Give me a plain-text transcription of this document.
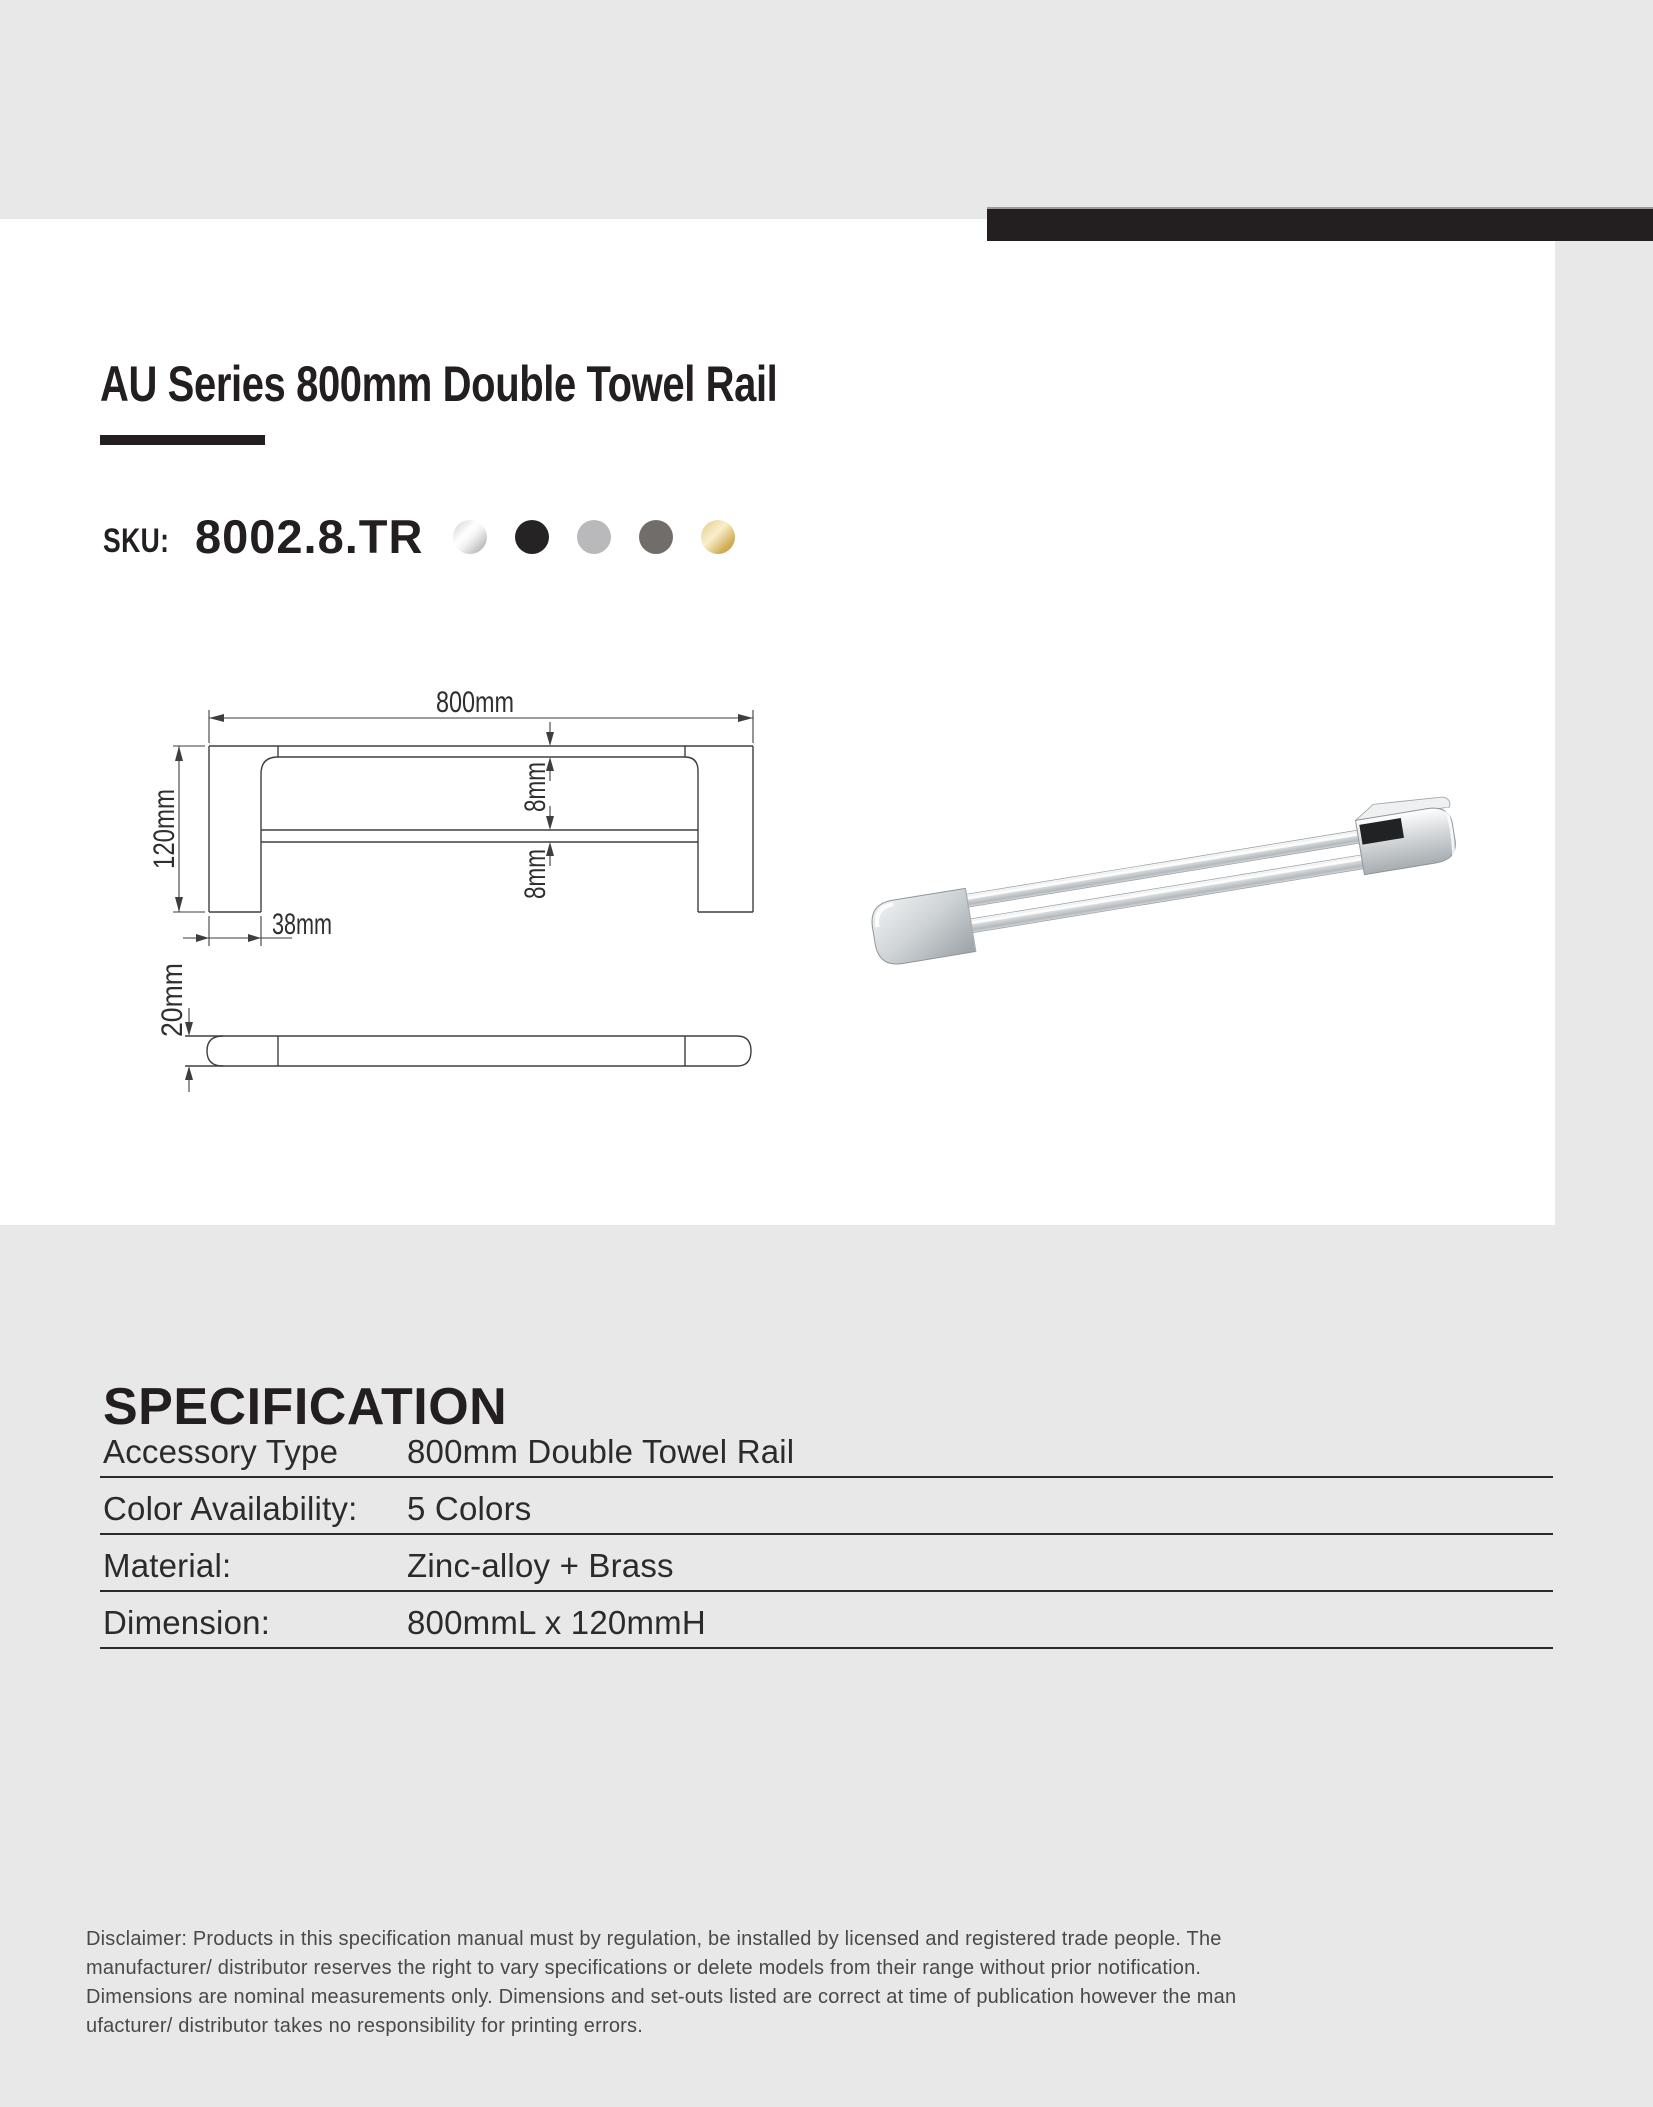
AU Series 800mm Double Towel Rail
SKU: 8002.8.TR
800mm
120mm	8mm
8mm
38mm
20mm
SPECIFICATION
Accessory Type 800mm Double Towel Rail
Color Availability: 5 Colors
Material:	Zinc-alloy + Brass
Dimension:	800mmL x 120mmH
Disclaimer: Products in this specification manual must by regulation, be installed by licensed and registered trade people. The
manufacturer/ distributor reserves the right to vary specifications or delete models from their range without prior notification.
Dimensions are nominal measurements only. Dimensions and set-outs listed are correct at time of publication however the man
ufacturer/ distributor takes no responsibility for printing errors.
